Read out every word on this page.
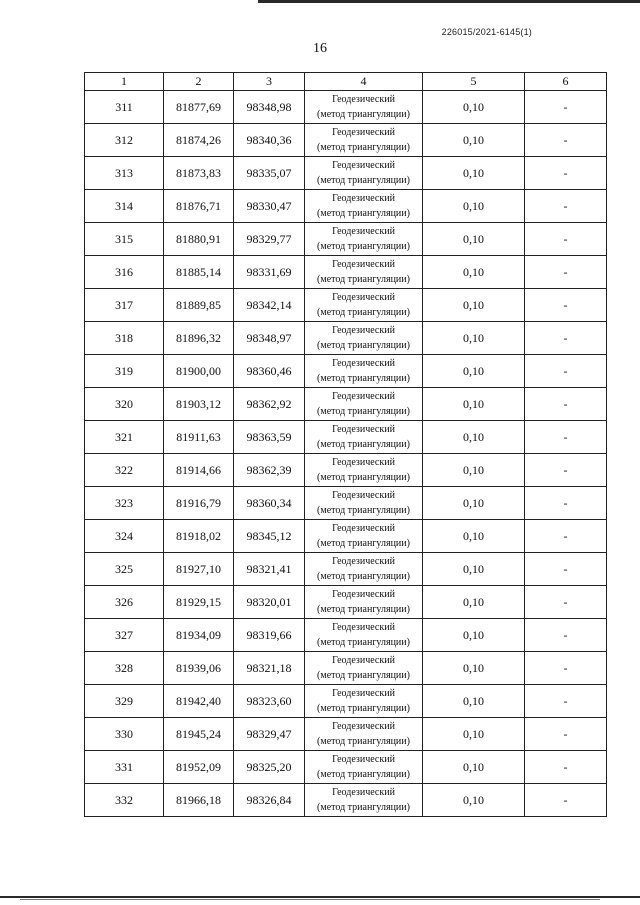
226015/2021-6145(1)
16
1	2	3	4	5	6
311	81877,69	98348,98	Геодезический
(метод триангуляции)	0,10	-
312	81874,26	98340,36	Геодезический
(метод триангуляции)	0,10	-
313	81873,83	98335,07	Геодезический
(метод триангуляции)	0,10	-
314	81876,71	98330,47	Геодезический
(метод триангуляции)	0,10	-
315	81880,91	98329,77	Геодезический
(метод триангуляции)	0,10	-
316	81885,14	98331,69	Геодезический
(метод триангуляции)	0,10	-
317	81889,85	98342,14	Геодезический
(метод триангуляции)	0,10	-
318	81896,32	98348,97	Геодезический
(метод триангуляции)	0,10	-
319	81900,00	98360,46	Геодезический
(метод триангуляции)	0,10	-
320	81903,12	98362,92	Геодезический
(метод триангуляции)	0,10	-
321	81911,63	98363,59	Геодезический
(метод триангуляции)	0,10	-
322	81914,66	98362,39	Геодезический
(метод триангуляции)	0,10	-
323	81916,79	98360,34	Геодезический
(метод триангуляции)	0,10	-
324	81918,02	98345,12	Геодезический
(метод триангуляции)	0,10	-
325	81927,10	98321,41	Геодезический
(метод триангуляции)	0,10	-
326	81929,15	98320,01	Геодезический
(метод триангуляции)	0,10	-
327	81934,09	98319,66	Геодезический
(метод триангуляции)	0,10	-
328	81939,06	98321,18	Геодезический
(метод триангуляции)	0,10	-
329	81942,40	98323,60	Геодезический
(метод триангуляции)	0,10	-
330	81945,24	98329,47	Геодезический
(метод триангуляции)	0,10	-
331	81952,09	98325,20	Геодезический
(метод триангуляции)	0,10	-
332	81966,18	98326,84	Геодезический
(метод триангуляции)	0,10	-
